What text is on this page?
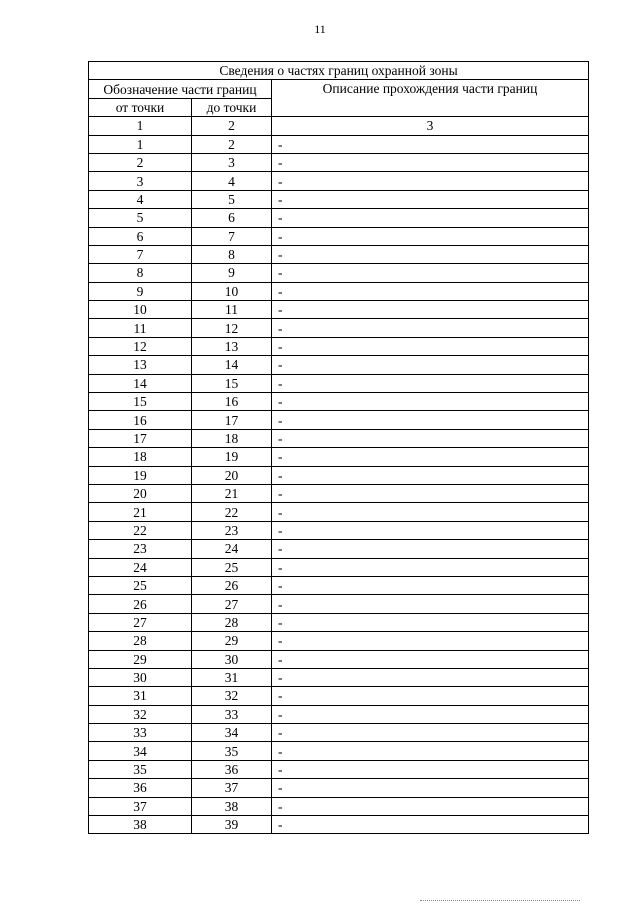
11
Сведения о частях границ охранной зоны		
Обозначение части границ		Описание прохождения части границ
от точки	до точки	
1	2	3
1	2	-
2	3	-
3	4	-
4	5	-
5	6	-
6	7	-
7	8	-
8	9	-
9	10	-
10	11	-
11	12	-
12	13	-
13	14	-
14	15	-
15	16	-
16	17	-
17	18	-
18	19	-
19	20	-
20	21	-
21	22	-
22	23	-
23	24	-
24	25	-
25	26	-
26	27	-
27	28	-
28	29	-
29	30	-
30	31	-
31	32	-
32	33	-
33	34	-
34	35	-
35	36	-
36	37	-
37	38	-
38	39	-
